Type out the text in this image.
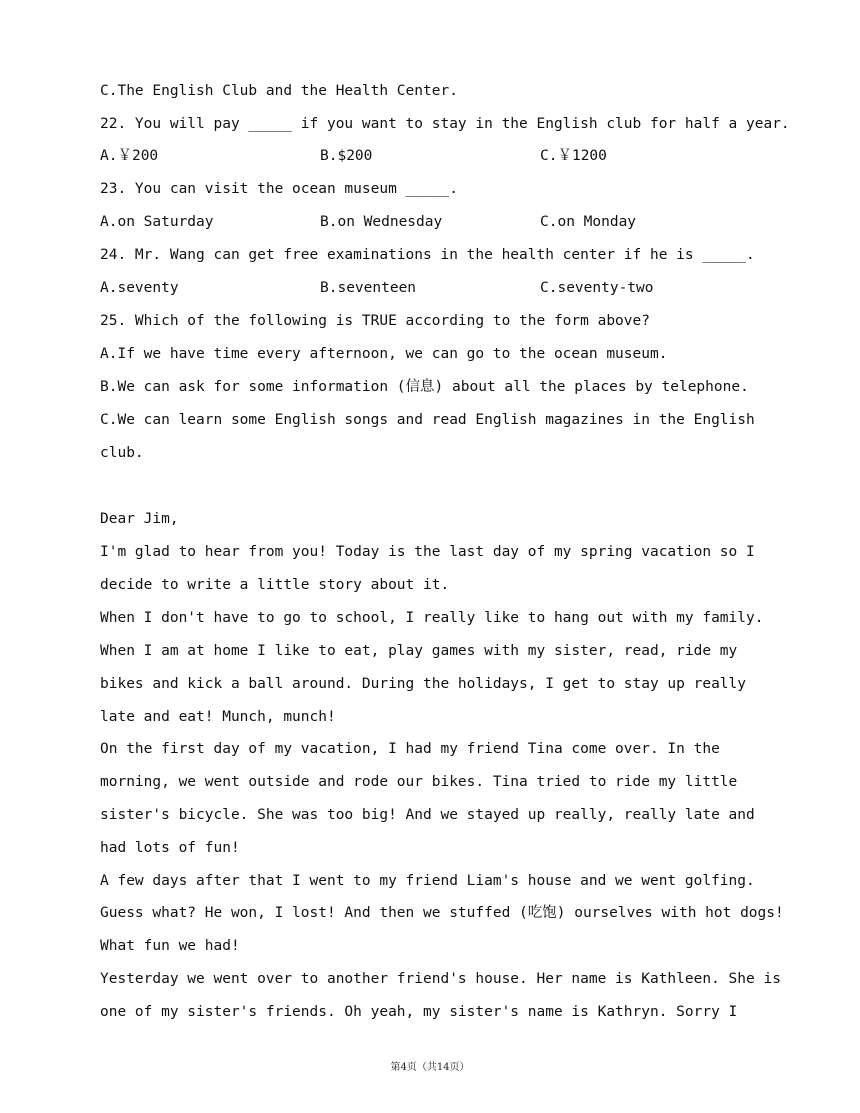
C.The English Club and the Health Center.
22. You will pay _____ if you want to stay in the English club for half a year.
A.￥200	B.$200	C.￥1200
23. You can visit the ocean museum _____.
A.on Saturday	B.on Wednesday	C.on Monday
24. Mr. Wang can get free examinations in the health center if he is _____.
A.seventy	B.seventeen	C.seventy-two
25. Which of the following is TRUE according to the form above?
A.If we have time every afternoon, we can go to the ocean museum.
B.We can ask for some information (信息) about all the places by telephone.
C.We can learn some English songs and read English magazines in the English
club.
Dear Jim,
I'm glad to hear from you! Today is the last day of my spring vacation so I
decide to write a little story about it.
When I don't have to go to school, I really like to hang out with my family.
When I am at home I like to eat, play games with my sister, read, ride my
bikes and kick a ball around. During the holidays, I get to stay up really
late and eat! Munch, munch!
On the first day of my vacation, I had my friend Tina come over. In the
morning, we went outside and rode our bikes. Tina tried to ride my little
sister's bicycle. She was too big! And we stayed up really, really late and
had lots of fun!
A few days after that I went to my friend Liam's house and we went golfing.
Guess what? He won, I lost! And then we stuffed (吃饱) ourselves with hot dogs!
What fun we had!
Yesterday we went over to another friend's house. Her name is Kathleen. She is
one of my sister's friends. Oh yeah, my sister's name is Kathryn. Sorry I
第4页（共14页）
